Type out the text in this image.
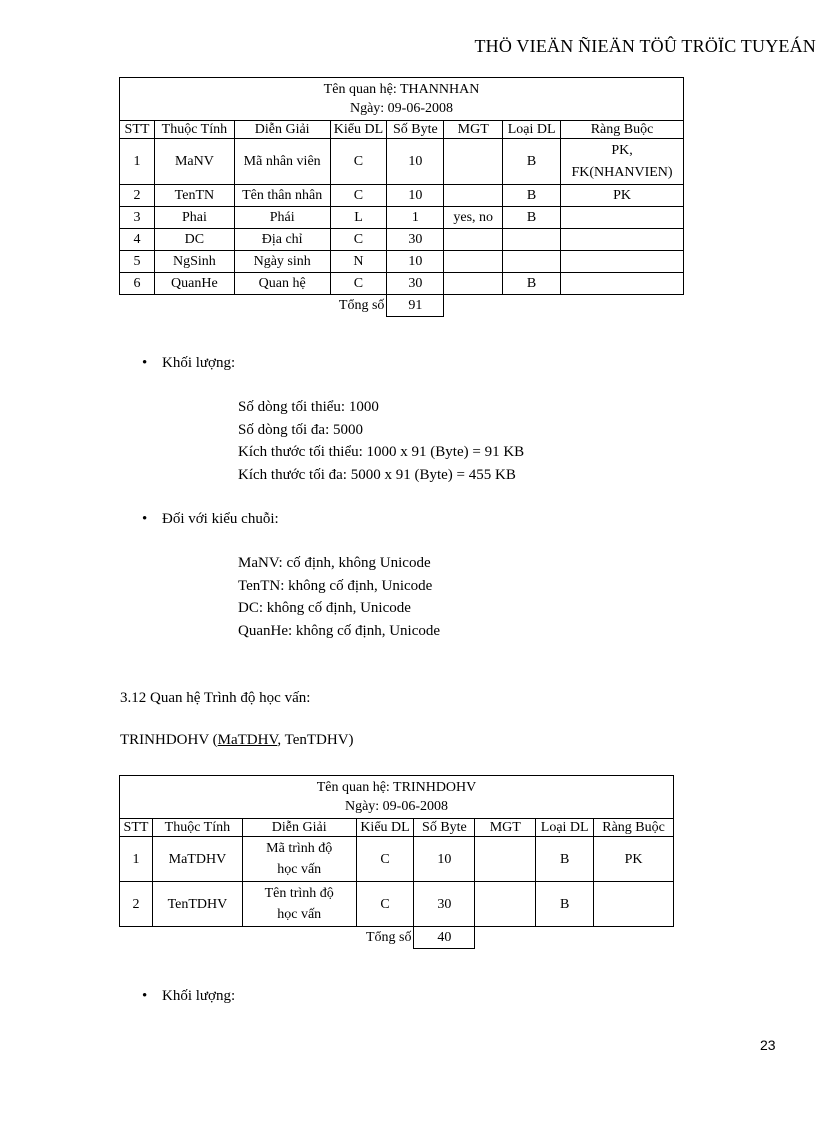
THÖ VIEÄN ÑIEÄN TÖÛ TRÖÏC TUYEÁN
Tên quan hệ: THANNHAN
Ngày: 09-06-2008							

STT	Thuộc Tính	Diễn Giải	Kiểu DL	Số Byte	MGT	Loại DL	Ràng Buộc
1	MaNV	Mã nhân viên	C	10		B	PK,
FK(NHANVIEN)
2	TenTN	Tên thân nhân	C	10		B	PK
3	Phai	Phái	L	1	yes, no	B	
4	DC	Địa chỉ	C	30			
5	NgSinh	Ngày sinh	N	10			
6	QuanHe	Quan hệ	C	30		B	
			Tổng số	91			
• Khối lượng:
Số dòng tối thiểu: 1000
Số dòng tối đa: 5000
Kích thước tối thiểu: 1000 x 91 (Byte) = 91 KB
Kích thước tối đa: 5000 x 91 (Byte) = 455 KB
• Đối với kiểu chuỗi:
MaNV: cố định, không Unicode
TenTN: không cố định, Unicode
DC: không cố định, Unicode
QuanHe: không cố định, Unicode
3.12 Quan hệ Trình độ học vấn:
TRINHDOHV (MaTDHV, TenTDHV)
Tên quan hệ: TRINHDOHV
Ngày: 09-06-2008							

STT	Thuộc Tính	Diễn Giải	Kiểu DL	Số Byte	MGT	Loại DL	Ràng Buộc
1	MaTDHV	Mã trình độ
học vấn	C	10		B	PK
2	TenTDHV	Tên trình độ
học vấn	C	30		B	
			Tổng số	40			
• Khối lượng:
23
